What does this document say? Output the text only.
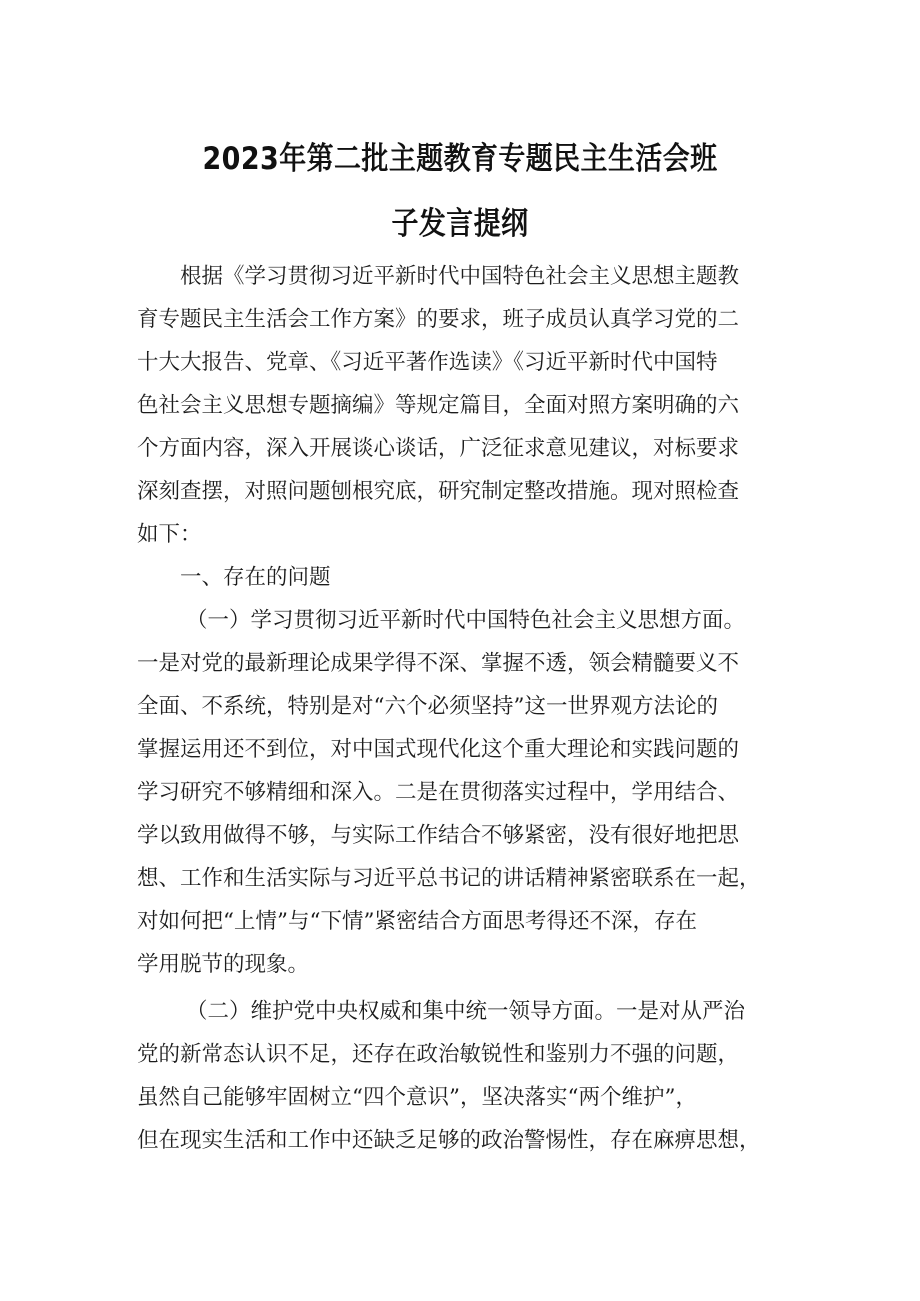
2023年第二批主题教育专题民主生活会班
子发言提纲
根据《学习贯彻习近平新时代中国特色社会主义思想主题教
育专题民主生活会工作方案》的要求，班子成员认真学习党的二
十大大报告、党章、《习近平著作选读》《习近平新时代中国特
色社会主义思想专题摘编》等规定篇目，全面对照方案明确的六
个方面内容，深入开展谈心谈话，广泛征求意见建议，对标要求
深刻查摆，对照问题刨根究底，研究制定整改措施。现对照检查
如下：
一、存在的问题
（一）学习贯彻习近平新时代中国特色社会主义思想方面。
一是对党的最新理论成果学得不深、掌握不透，领会精髓要义不
全面、不系统，特别是对“六个必须坚持”这一世界观方法论的
掌握运用还不到位，对中国式现代化这个重大理论和实践问题的
学习研究不够精细和深入。二是在贯彻落实过程中，学用结合、
学以致用做得不够，与实际工作结合不够紧密，没有很好地把思
想、工作和生活实际与习近平总书记的讲话精神紧密联系在一起，
对如何把“上情”与“下情”紧密结合方面思考得还不深，存在
学用脱节的现象。
（二）维护党中央权威和集中统一领导方面。一是对从严治
党的新常态认识不足，还存在政治敏锐性和鉴别力不强的问题，
虽然自己能够牢固树立“四个意识”，坚决落实“两个维护”，
但在现实生活和工作中还缺乏足够的政治警惕性，存在麻痹思想，
